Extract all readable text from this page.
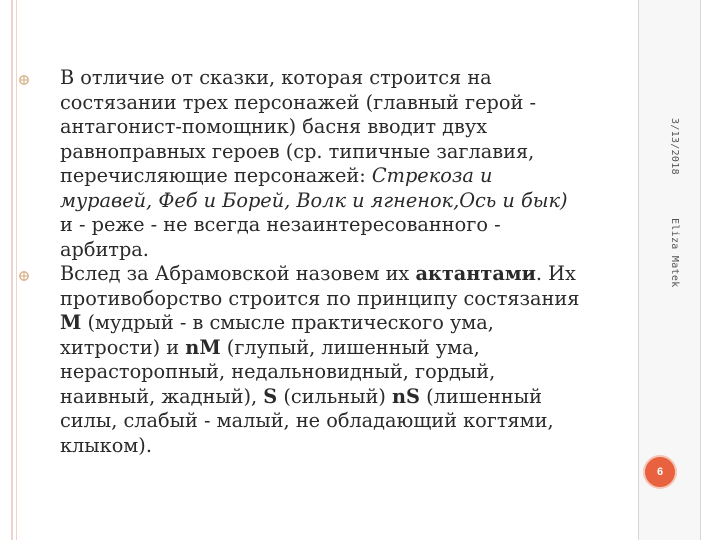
3/13/2018  Eliza Matek
6
В отличие от сказки, которая строится на
состязании трех персонажей (главный герой -
антагонист-помощник) басня вводит двух
равноправных героев (ср. типичные заглавия,
перечисляющие персонажей: Стрекоза и
муравей, Феб и Борей, Волк и ягненок,Ось и бык)
и - реже - не всегда незаинтересованного -
арбитра.
Вслед за Абрамовской назовем их актантами. Их
противоборство строится по принципу состязания
М (мудрый - в смысле практического ума,
хитрости) и nМ (глупый, лишенный ума,
нерасторопный, недальновидный, гордый,
наивный, жадный), S (сильный) nS (лишенный
силы, слабый - малый, не обладающий когтями,
клыком).
